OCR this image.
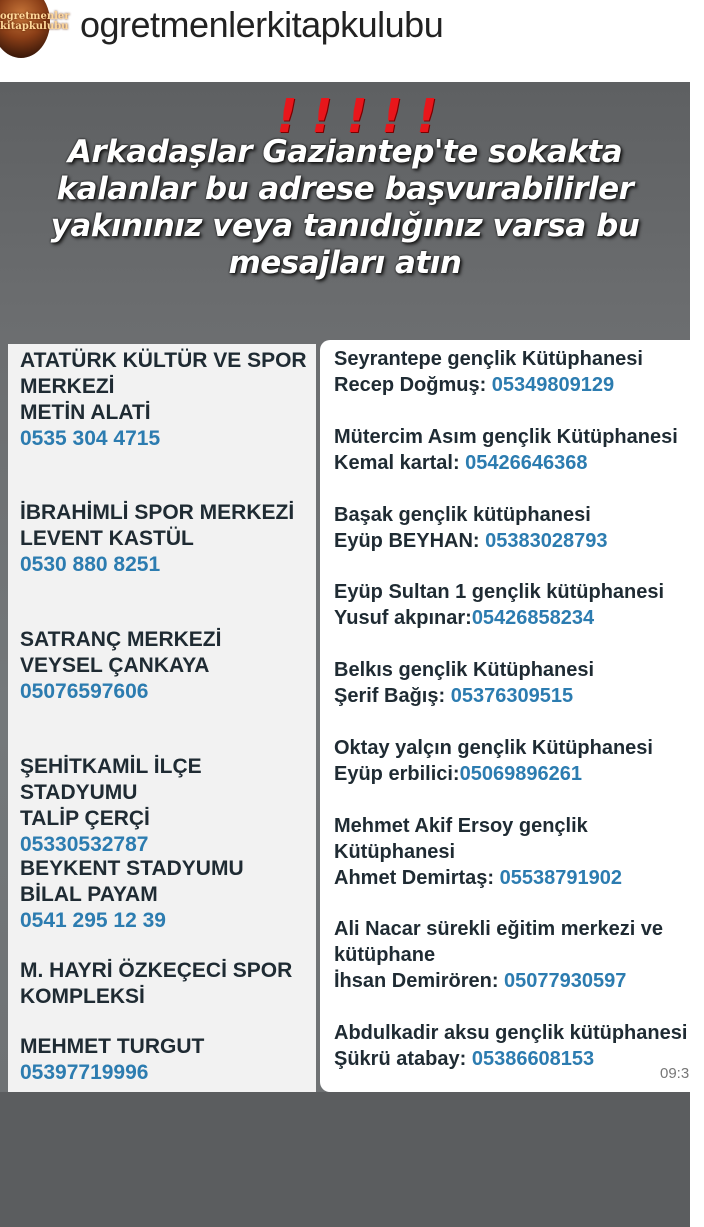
ogretmenler kitapkulubu ogretmenlerkitapkulubu
! ! ! ! !
Arkadaşlar Gaziantep'te sokakta
kalanlar bu adrese başvurabilirler
yakınınız veya tanıdığınız varsa bu
mesajları atın
ATATÜRK KÜLTÜR VE SPOR
MERKEZİ
METİN ALATİ
0535 304 4715
İBRAHİMLİ SPOR MERKEZİ
LEVENT KASTÜL
0530 880 8251
SATRANÇ MERKEZİ
VEYSEL ÇANKAYA
05076597606
ŞEHİTKAMİL İLÇE STADYUMU
TALİP ÇERÇİ
05330532787
BEYKENT STADYUMU
BİLAL PAYAM
0541 295 12 39
M. HAYRİ ÖZKEÇECİ SPOR
KOMPLEKSİ
MEHMET TURGUT
05397719996
Seyrantepe gençlik Kütüphanesi
Recep Doğmuş: 05349809129
Mütercim Asım gençlik Kütüphanesi
Kemal kartal: 05426646368
Başak gençlik kütüphanesi
Eyüp BEYHAN: 05383028793
Eyüp Sultan 1 gençlik kütüphanesi
Yusuf akpınar:05426858234
Belkıs gençlik Kütüphanesi
Şerif Bağış: 05376309515
Oktay yalçın gençlik Kütüphanesi
Eyüp erbilici:05069896261
Mehmet Akif Ersoy gençlik
Kütüphanesi
Ahmet Demirtaş: 05538791902
Ali Nacar sürekli eğitim merkezi ve
kütüphane
İhsan Demirören: 05077930597
Abdulkadir aksu gençlik kütüphanesi
Şükrü atabay: 05386608153
09:3
